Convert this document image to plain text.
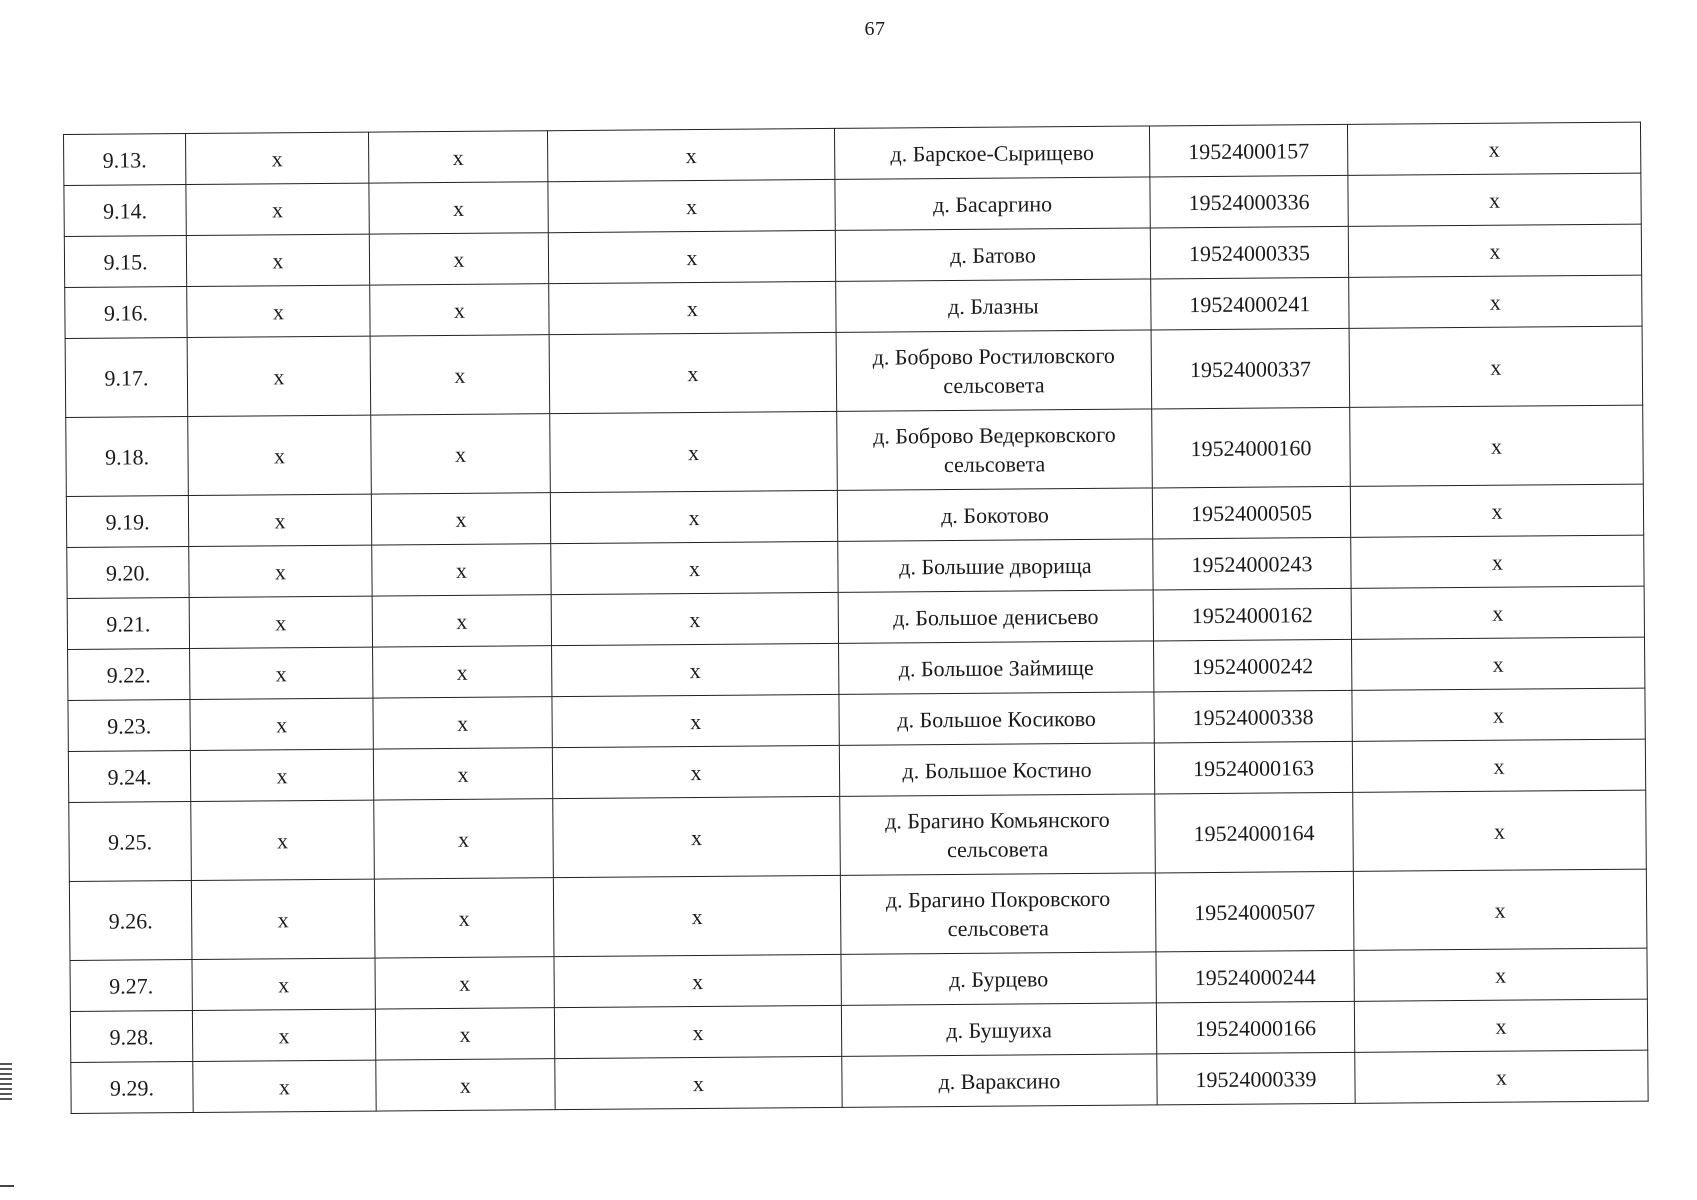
67
9.13.	x	x	x	д. Барское-Сырищево	19524000157	x
9.14.	x	x	x	д. Басаргино	19524000336	x
9.15.	x	x	x	д. Батово	19524000335	x
9.16.	x	x	x	д. Блазны	19524000241	x
9.17.	x	x	x	д. Боброво Ростиловского сельсовета	19524000337	x
9.18.	x	x	x	д. Боброво Ведерковского сельсовета	19524000160	x
9.19.	x	x	x	д. Бокотово	19524000505	x
9.20.	x	x	x	д. Большие дворища	19524000243	x
9.21.	x	x	x	д. Большое денисьево	19524000162	x
9.22.	x	x	x	д. Большое Займище	19524000242	x
9.23.	x	x	x	д. Большое Косиково	19524000338	x
9.24.	x	x	x	д. Большое Костино	19524000163	x
9.25.	x	x	x	д. Брагино Комьянского сельсовета	19524000164	x
9.26.	x	x	x	д. Брагино Покровского сельсовета	19524000507	x
9.27.	x	x	x	д. Бурцево	19524000244	x
9.28.	x	x	x	д. Бушуиха	19524000166	x
9.29.	x	x	x	д. Вараксино	19524000339	x
